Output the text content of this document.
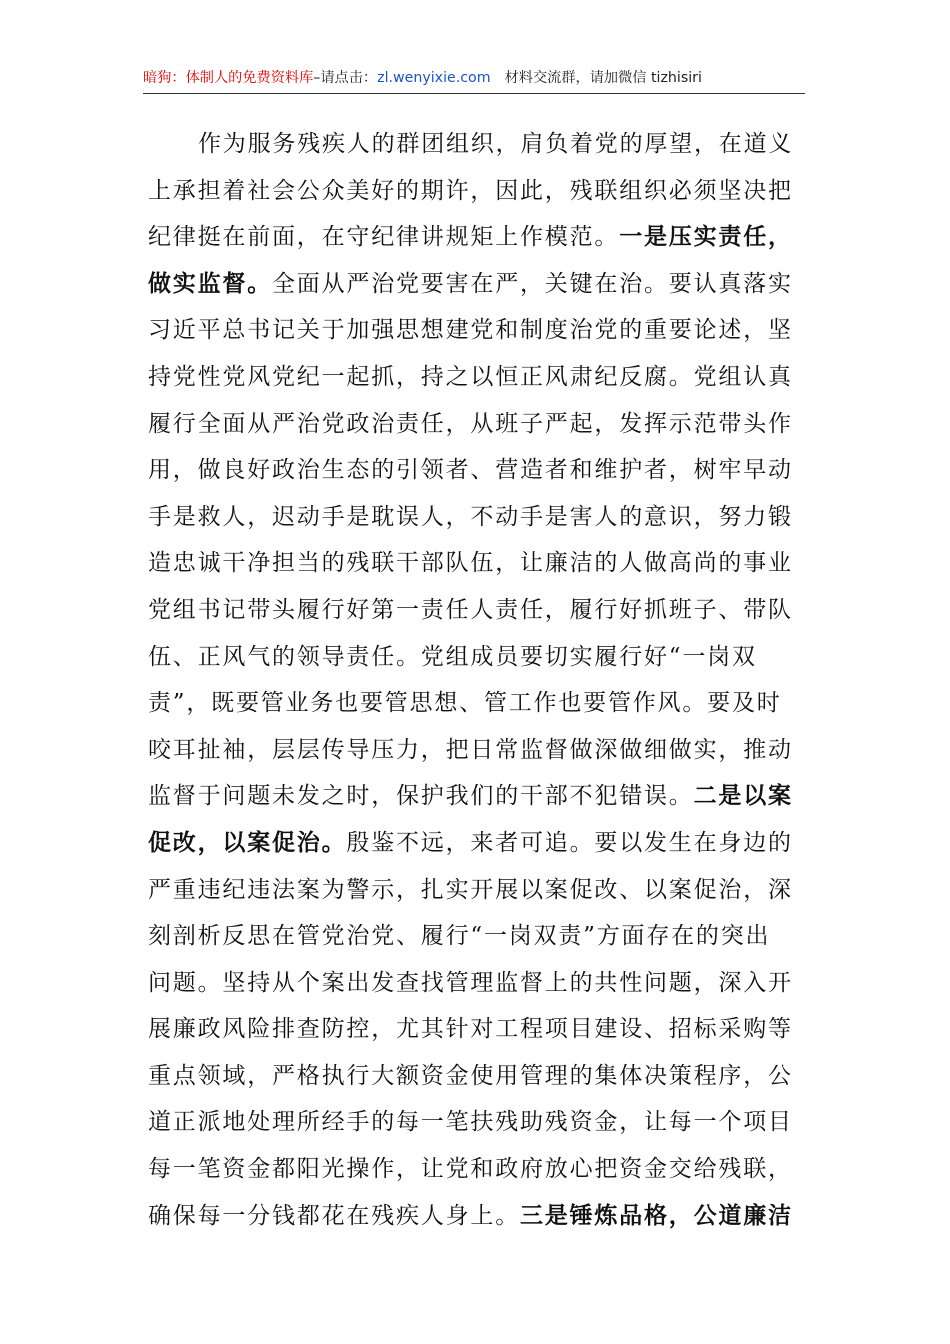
暗狗：体制人的免费资料库–请点击：zl.wenyixie.com 材料交流群，请加微信 tizhisiri
作为服务残疾人的群团组织，肩负着党的厚望，在道义
上承担着社会公众美好的期许，因此，残联组织必须坚决把
纪律挺在前面，在守纪律讲规矩上作模范。一是压实责任，
做实监督。全面从严治党要害在严，关键在治。要认真落实
习近平总书记关于加强思想建党和制度治党的重要论述，坚
持党性党风党纪一起抓，持之以恒正风肃纪反腐。党组认真
履行全面从严治党政治责任，从班子严起，发挥示范带头作
用，做良好政治生态的引领者、营造者和维护者，树牢早动
手是救人，迟动手是耽误人，不动手是害人的意识，努力锻
造忠诚干净担当的残联干部队伍，让廉洁的人做高尚的事业
党组书记带头履行好第一责任人责任，履行好抓班子、带队
伍、正风气的领导责任。党组成员要切实履行好“一岗双
责”，既要管业务也要管思想、管工作也要管作风。要及时
咬耳扯袖，层层传导压力，把日常监督做深做细做实，推动
监督于问题未发之时，保护我们的干部不犯错误。二是以案
促改，以案促治。殷鉴不远，来者可追。要以发生在身边的
严重违纪违法案为警示，扎实开展以案促改、以案促治，深
刻剖析反思在管党治党、履行“一岗双责”方面存在的突出
问题。坚持从个案出发查找管理监督上的共性问题，深入开
展廉政风险排查防控，尤其针对工程项目建设、招标采购等
重点领域，严格执行大额资金使用管理的集体决策程序，公
道正派地处理所经手的每一笔扶残助残资金，让每一个项目
每一笔资金都阳光操作，让党和政府放心把资金交给残联，
确保每一分钱都花在残疾人身上。三是锤炼品格，公道廉洁
